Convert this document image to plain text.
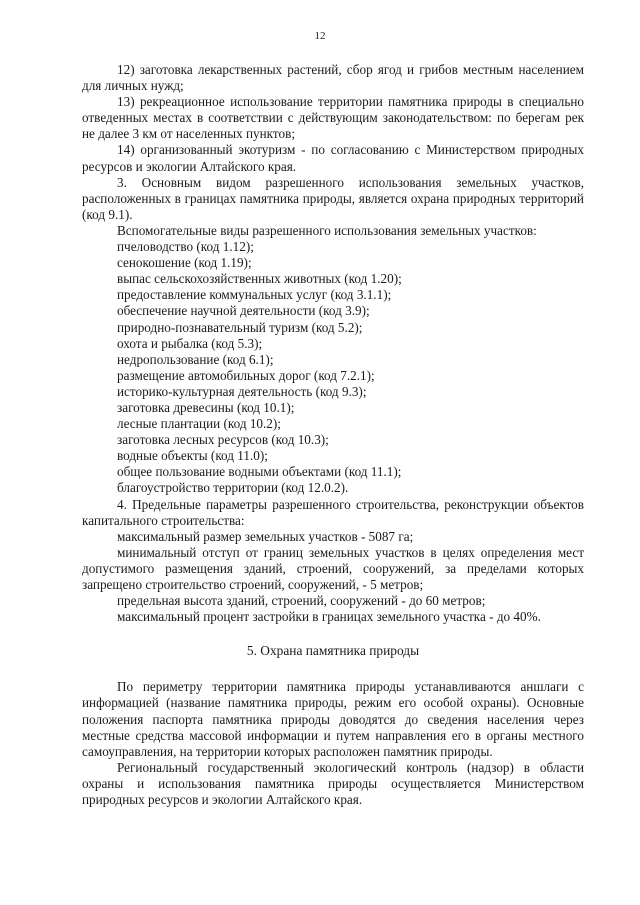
12

12) заготовка лекарственных растений, сбор ягод и грибов местным населением для личных нужд;

13) рекреационное использование территории памятника природы в специально отведенных местах в соответствии с действующим законодательством: по берегам рек не далее 3 км от населенных пунктов;

14) организованный экотуризм - по согласованию с Министерством природных ресурсов и экологии Алтайского края.

3. Основным видом разрешенного использования земельных участков, расположенных в границах памятника природы, является охрана природных территорий (код 9.1).

Вспомогательные виды разрешенного использования земельных участков:

пчеловодство (код 1.12);
сенокошение (код 1.19);
выпас сельскохозяйственных животных (код 1.20);
предоставление коммунальных услуг (код 3.1.1);
обеспечение научной деятельности (код 3.9);
природно-познавательный туризм (код 5.2);
охота и рыбалка (код 5.3);
недропользование (код 6.1);
размещение автомобильных дорог (код 7.2.1);
историко-культурная деятельность (код 9.3);
заготовка древесины (код 10.1);
лесные плантации (код 10.2);
заготовка лесных ресурсов (код 10.3);
водные объекты (код 11.0);
общее пользование водными объектами (код 11.1);
благоустройство территории (код 12.0.2).

4. Предельные параметры разрешенного строительства, реконструкции объектов капитального строительства:

максимальный размер земельных участков - 5087 га;

минимальный отступ от границ земельных участков в целях определения мест допустимого размещения зданий, строений, сооружений, за пределами которых запрещено строительство строений, сооружений, - 5 метров;

предельная высота зданий, строений, сооружений - до 60 метров;

максимальный процент застройки в границах земельного участка - до 40%.

5. Охрана памятника природы

По периметру территории памятника природы устанавливаются аншлаги с информацией (название памятника природы, режим его особой охраны). Основные положения паспорта памятника природы доводятся до сведения населения через местные средства массовой информации и путем направления его в органы местного самоуправления, на территории которых расположен памятник природы.

Региональный государственный экологический контроль (надзор) в области охраны и использования памятника природы осуществляется Министерством природных ресурсов и экологии Алтайского края.
